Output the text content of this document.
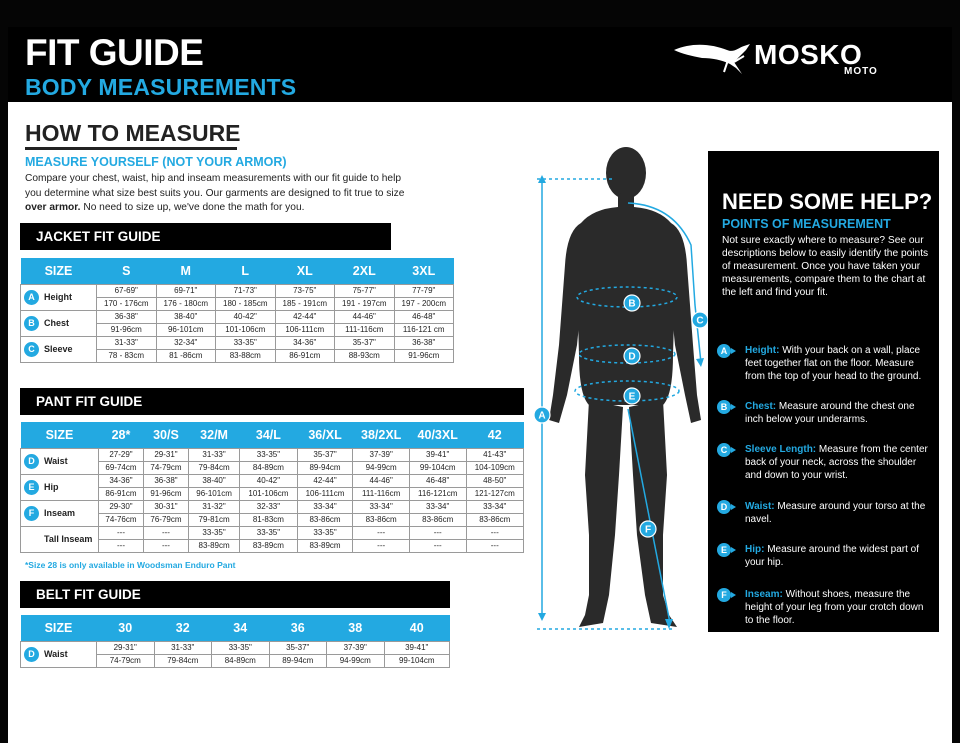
FIT GUIDE
BODY MEASUREMENTS
MOSKO
MOTO
HOW TO MEASURE
MEASURE YOURSELF (NOT YOUR ARMOR)
Compare your chest, waist, hip and inseam measurements with our fit guide to help you determine what size best suits you. Our garments are designed to fit true to size over armor. No need to size up, we've done the math for you.
JACKET FIT GUIDE
SIZE	S	M	L	XL	2XL	3XL
A Height	67-69"	69-71"	71-73"	73-75"	75-77"	77-79"
	170 - 176cm	176 - 180cm	180 - 185cm	185 - 191cm	191 - 197cm	197 - 200cm
B Chest	36-38"	38-40"	40-42"	42-44"	44-46"	46-48"
	91-96cm	96-101cm	101-106cm	106-111cm	111-116cm	116-121 cm
C Sleeve	31-33"	32-34"	33-35"	34-36"	35-37"	36-38"
	78 - 83cm	81 -86cm	83-88cm	86-91cm	88-93cm	91-96cm
PANT FIT GUIDE
SIZE	28*	30/S	32/M	34/L	36/XL	38/2XL	40/3XL	42
D Waist	27-29"	29-31"	31-33"	33-35"	35-37"	37-39"	39-41"	41-43"
	69-74cm	74-79cm	79-84cm	84-89cm	89-94cm	94-99cm	99-104cm	104-109cm
E Hip	34-36"	36-38"	38-40"	40-42"	42-44"	44-46"	46-48"	48-50"
	86-91cm	91-96cm	96-101cm	101-106cm	106-111cm	111-116cm	116-121cm	121-127cm
F Inseam	29-30"	30-31"	31-32"	32-33"	33-34"	33-34"	33-34"	33-34"
	74-76cm	76-79cm	79-81cm	81-83cm	83-86cm	83-86cm	83-86cm	83-86cm
Tall Inseam	---	---	33-35"	33-35"	33-35"	---	---	---
	---	---	83-89cm	83-89cm	83-89cm	---	---	---
*Size 28 is only available in Woodsman Enduro Pant
BELT FIT GUIDE
SIZE	30	32	34	36	38	40
D Waist	29-31"	31-33"	33-35"	35-37"	37-39"	39-41"
	74-79cm	79-84cm	84-89cm	89-94cm	94-99cm	99-104cm
A
B
C
D
E
F
NEED SOME HELP?
POINTS OF MEASUREMENT
Not sure exactly where to measure? See our descriptions below to easily identify the points of measurement. Once you have taken your measurements, compare them to the chart at the left and find your fit.
A	Height: With your back on a wall, place feet together flat on the floor. Measure from the top of your head to the ground.
B	Chest: Measure around the chest one inch below your underarms.
C	Sleeve Length: Measure from the center back of your neck, across the shoulder and down to your wrist.
D	Waist: Measure around your torso at the navel.
E	Hip: Measure around the widest part of your hip.
F	Inseam: Without shoes, measure the height of your leg from your crotch down to the floor.
